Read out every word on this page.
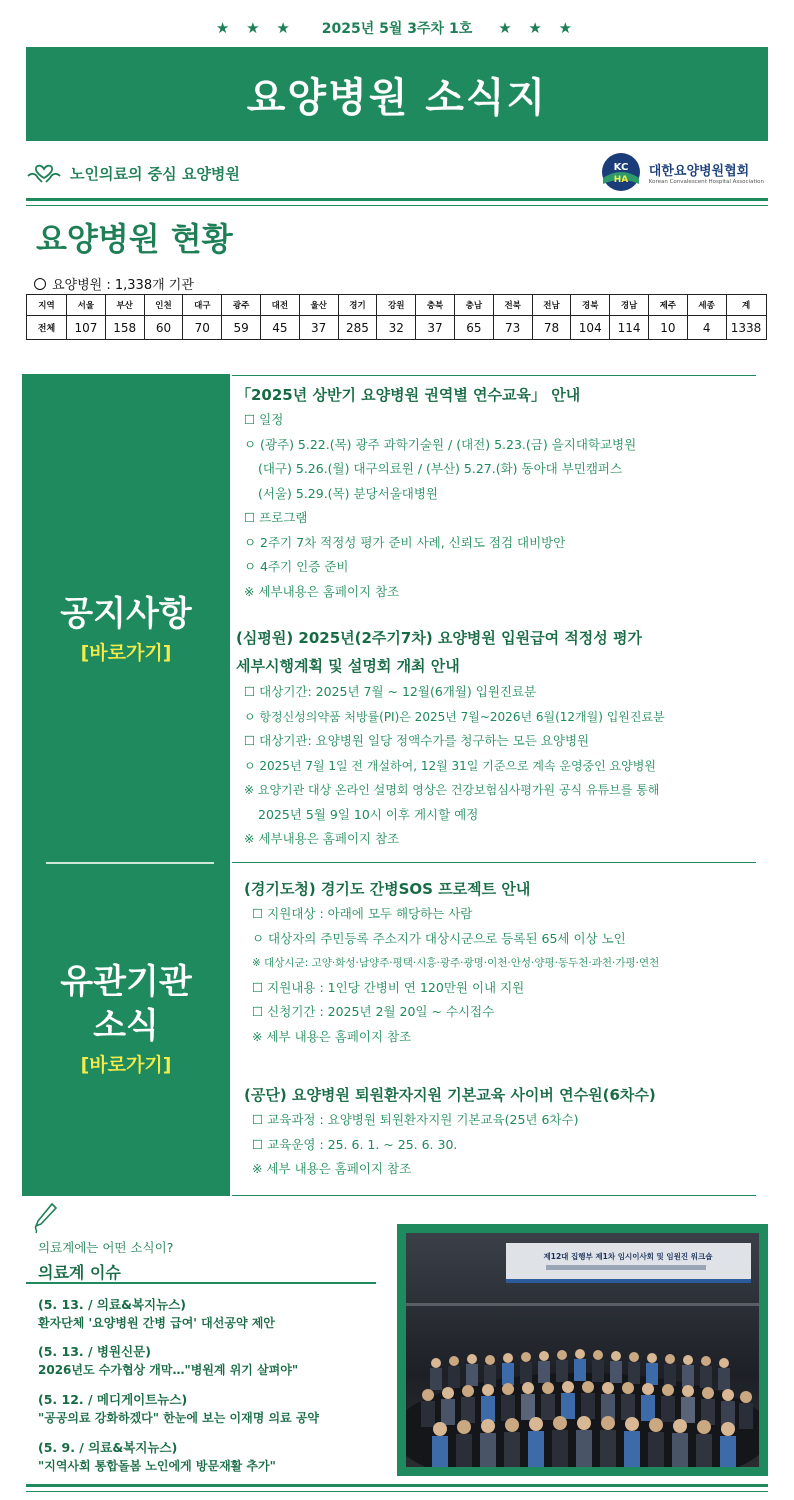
★ ★ ★ 2025년 5월 3주차 1호 ★ ★ ★
요양병원 소식지
노인의료의 중심 요양병원	KC
HA
대한요양병원협회
Korean Convalescent Hospital Association
요양병원 현황
요양병원 : 1,338개 기관
지역	서울	부산	인천	대구	광주	대전	울산	경기	강원	충북	충남	전북	전남	경북	경남	제주	세종	계
전체	107	158	60	70	59	45	37	285	32	37	65	73	78	104	114	10	4	1338
공지사항
[바로가기]
유관기관
소식
[바로가기]
「2025년 상반기 요양병원 권역별 연수교육」 안내
☐ 일정
ㅇ (광주) 5.22.(목) 광주 과학기술원 / (대전) 5.23.(금) 을지대학교병원
(대구) 5.26.(월) 대구의료원 / (부산) 5.27.(화) 동아대 부민캠퍼스
(서울) 5.29.(목) 분당서울대병원
☐ 프로그램
ㅇ 2주기 7차 적정성 평가 준비 사례, 신뢰도 점검 대비방안
ㅇ 4주기 인증 준비
※ 세부내용은 홈페이지 참조
(심평원) 2025년(2주기7차) 요양병원 입원급여 적정성 평가
세부시행계획 및 설명회 개최 안내
☐ 대상기간: 2025년 7월 ~ 12월(6개월) 입원진료분
ㅇ 항정신성의약품 처방률(PI)은 2025년 7월~2026년 6월(12개월) 입원진료분
☐ 대상기관: 요양병원 일당 정액수가를 청구하는 모든 요양병원
ㅇ 2025년 7월 1일 전 개설하여, 12월 31일 기준으로 계속 운영중인 요양병원
※ 요양기관 대상 온라인 설명회 영상은 건강보험심사평가원 공식 유튜브를 통해
2025년 5월 9일 10시 이후 게시할 예정
※ 세부내용은 홈페이지 참조
(경기도청) 경기도 간병SOS 프로젝트 안내
☐ 지원대상 : 아래에 모두 해당하는 사람
ㅇ 대상자의 주민등록 주소지가 대상시군으로 등록된 65세 이상 노인
※ 대상시군: 고양·화성·남양주·평택·시흥·광주·광명·이천·안성·양평·동두천·과천·가평·연천
☐ 지원내용 : 1인당 간병비 연 120만원 이내 지원
☐ 신청기간 : 2025년 2월 20일 ~ 수시접수
※ 세부 내용은 홈페이지 참조
(공단) 요양병원 퇴원환자지원 기본교육 사이버 연수원(6차수)
☐ 교육과정 : 요양병원 퇴원환자지원 기본교육(25년 6차수)
☐ 교육운영 : 25. 6. 1. ~ 25. 6. 30.
※ 세부 내용은 홈페이지 참조
의료계에는 어떤 소식이?
의료계 이슈
(5. 13. / 의료&복지뉴스)
환자단체 '요양병원 간병 급여' 대선공약 제안
(5. 13. / 병원신문)
2026년도 수가협상 개막…"병원계 위기 살펴야"
(5. 12. / 메디게이트뉴스)
"공공의료 강화하겠다" 한눈에 보는 이재명 의료 공약
(5. 9. / 의료&복지뉴스)
"지역사회 통합돌봄 노인에게 방문재활 추가"
제12대 집행부 제1차 임시이사회 및 임원진 워크숍
